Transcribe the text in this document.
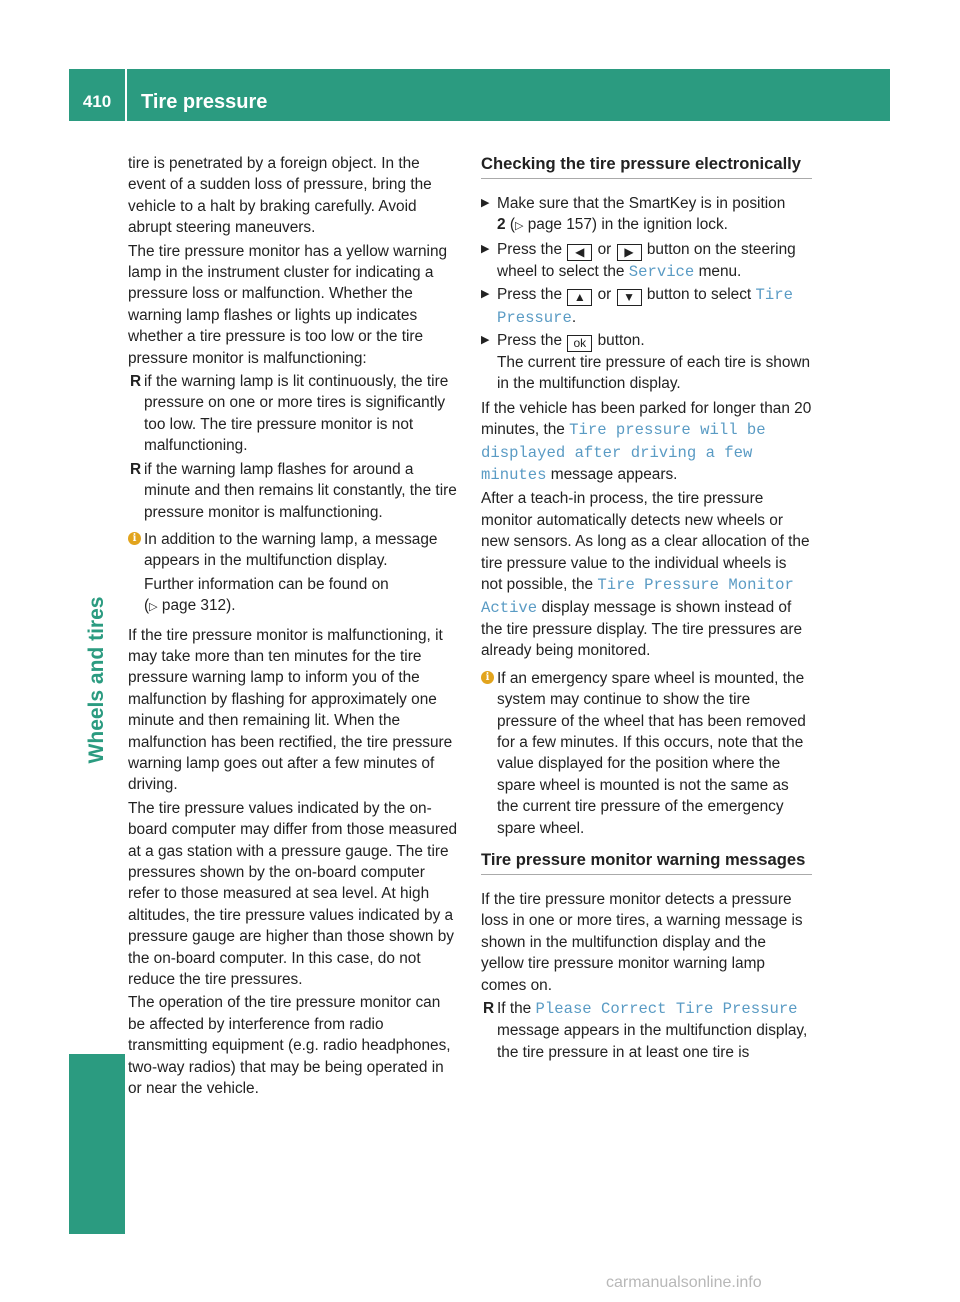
410	Tire pressure
Wheels and tires

tire is penetrated by a foreign object. In the event of a sudden loss of pressure, bring the vehicle to a halt by braking carefully. Avoid abrupt steering maneuvers.

The tire pressure monitor has a yellow warning lamp in the instrument cluster for indicating a pressure loss or malfunction. Whether the warning lamp flashes or lights up indicates whether a tire pressure is too low or the tire pressure monitor is malfunctioning:

R if the warning lamp is lit continuously, the tire pressure on one or more tires is significantly too low. The tire pressure monitor is not malfunctioning.
R if the warning lamp flashes for around a minute and then remains lit constantly, the tire pressure monitor is malfunctioning.
i In addition to the warning lamp, a message appears in the multifunction display.

Further information can be found on
(▷ page 312).

If the tire pressure monitor is malfunctioning, it may take more than ten minutes for the tire pressure warning lamp to inform you of the malfunction by flashing for approximately one minute and then remaining lit. When the malfunction has been rectified, the tire pressure warning lamp goes out after a few minutes of driving.

The tire pressure values indicated by the on-board computer may differ from those measured at a gas station with a pressure gauge. The tire pressures shown by the on-board computer refer to those measured at sea level. At high altitudes, the tire pressure values indicated by a pressure gauge are higher than those shown by the on-board computer. In this case, do not reduce the tire pressures.

The operation of the tire pressure monitor can be affected by interference from radio transmitting equipment (e.g. radio headphones, two-way radios) that may be being operated in or near the vehicle.

Checking the tire pressure electronically

▶ Make sure that the SmartKey is in position
2 (▷ page 157) in the ignition lock.
▶ Press the ◀ or ▶ button on the steering wheel to select the Service menu.
▶ Press the ▲ or ▼ button to select Tire Pressure.
▶ Press the ok button.
The current tire pressure of each tire is shown in the multifunction display.

If the vehicle has been parked for longer than 20 minutes, the Tire pressure will be displayed after driving a few minutes message appears.

After a teach-in process, the tire pressure monitor automatically detects new wheels or new sensors. As long as a clear allocation of the tire pressure value to the individual wheels is not possible, the Tire Pressure Monitor Active display message is shown instead of the tire pressure display. The tire pressures are already being monitored.

i If an emergency spare wheel is mounted, the system may continue to show the tire pressure of the wheel that has been removed for a few minutes. If this occurs, note that the value displayed for the position where the spare wheel is mounted is not the same as the current tire pressure of the emergency spare wheel.

Tire pressure monitor warning messages

If the tire pressure monitor detects a pressure loss in one or more tires, a warning message is shown in the multifunction display and the yellow tire pressure monitor warning lamp comes on.

R If the Please Correct Tire Pressure message appears in the multifunction display, the tire pressure in at least one tire is
carmanualsonline.info
